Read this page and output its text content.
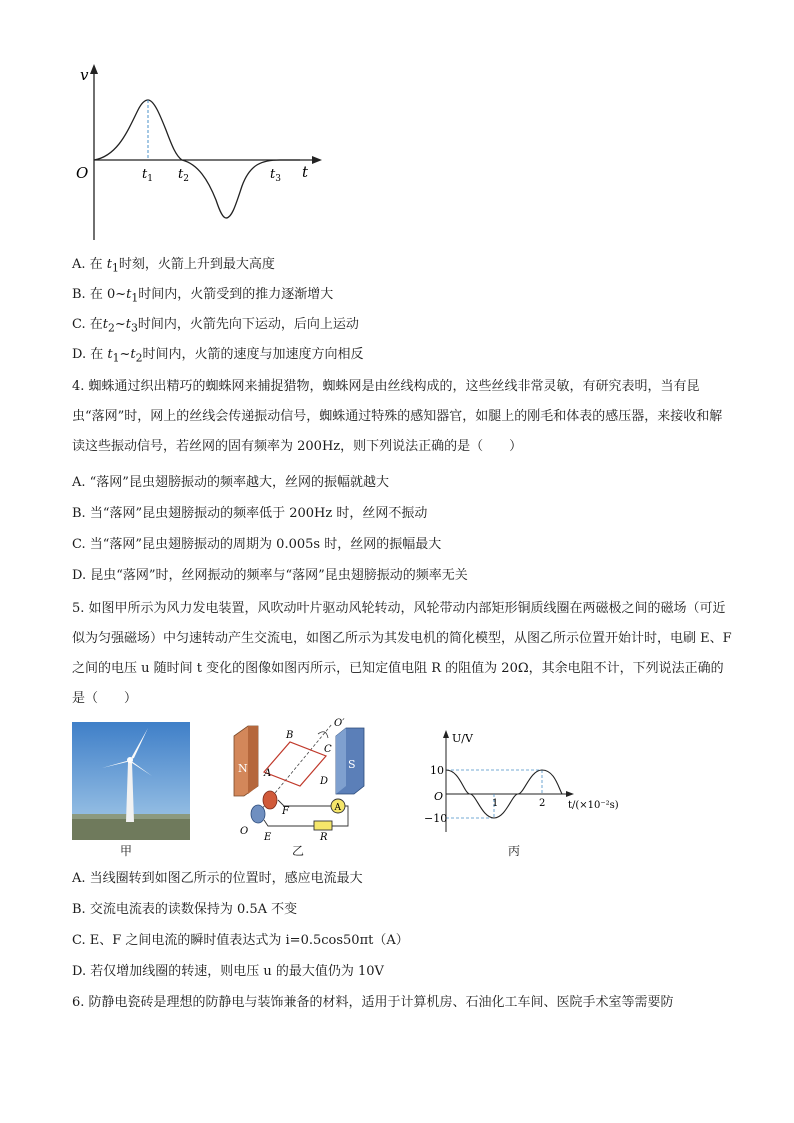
v
t
O	$t_1$ $t_2$	$t_3$
A. 在 $t_1$时刻，火箭上升到最大高度
B. 在 $0\sim t_1$时间内，火箭受到的推力逐渐增大
C. 在$t_2\sim t_3$时间内，火箭先向下运动，后向上运动
D. 在 $t_1\sim t_2$时间内，火箭的速度与加速度方向相反
4. 蜘蛛通过织出精巧的蜘蛛网来捕捉猎物，蜘蛛网是由丝线构成的，这些丝线非常灵敏，有研究表明，当有昆虫“落网”时，网上的丝线会传递振动信号，蜘蛛通过特殊的感知器官，如腿上的刚毛和体表的感压器，来接收和解读这些振动信号，若丝网的固有频率为 200Hz，则下列说法正确的是（　　）
A. “落网”昆虫翅膀振动的频率越大，丝网的振幅就越大
B. 当“落网”昆虫翅膀振动的频率低于 200Hz 时，丝网不振动
C. 当“落网”昆虫翅膀振动的周期为 0.005s 时，丝网的振幅最大
D. 昆虫“落网”时，丝网振动的频率与“落网”昆虫翅膀振动的频率无关
5. 如图甲所示为风力发电装置，风吹动叶片驱动风轮转动，风轮带动内部矩形铜质线圈在两磁极之间的磁场（可近似为匀强磁场）中匀速转动产生交流电，如图乙所示为其发电机的简化模型，从图乙所示位置开始计时，电刷 E、F 之间的电压 u 随时间 t 变化的图像如图丙所示，已知定值电阻 R 的阻值为 20Ω，其余电阻不计，下列说法正确的是（　　）
甲
N	S
A
A
B
C
D
O′
O
E
F
R
乙
U/V
10
−10
O
1	2 t/(×10⁻²s)
丙
A. 当线圈转到如图乙所示的位置时，感应电流最大
B. 交流电流表的读数保持为 0.5A 不变
C. E、F 之间电流的瞬时值表达式为 i=0.5cos50πt（A）
D. 若仅增加线圈的转速，则电压 u 的最大值仍为 10V
6. 防静电瓷砖是理想的防静电与装饰兼备的材料，适用于计算机房、石油化工车间、医院手术室等需要防
